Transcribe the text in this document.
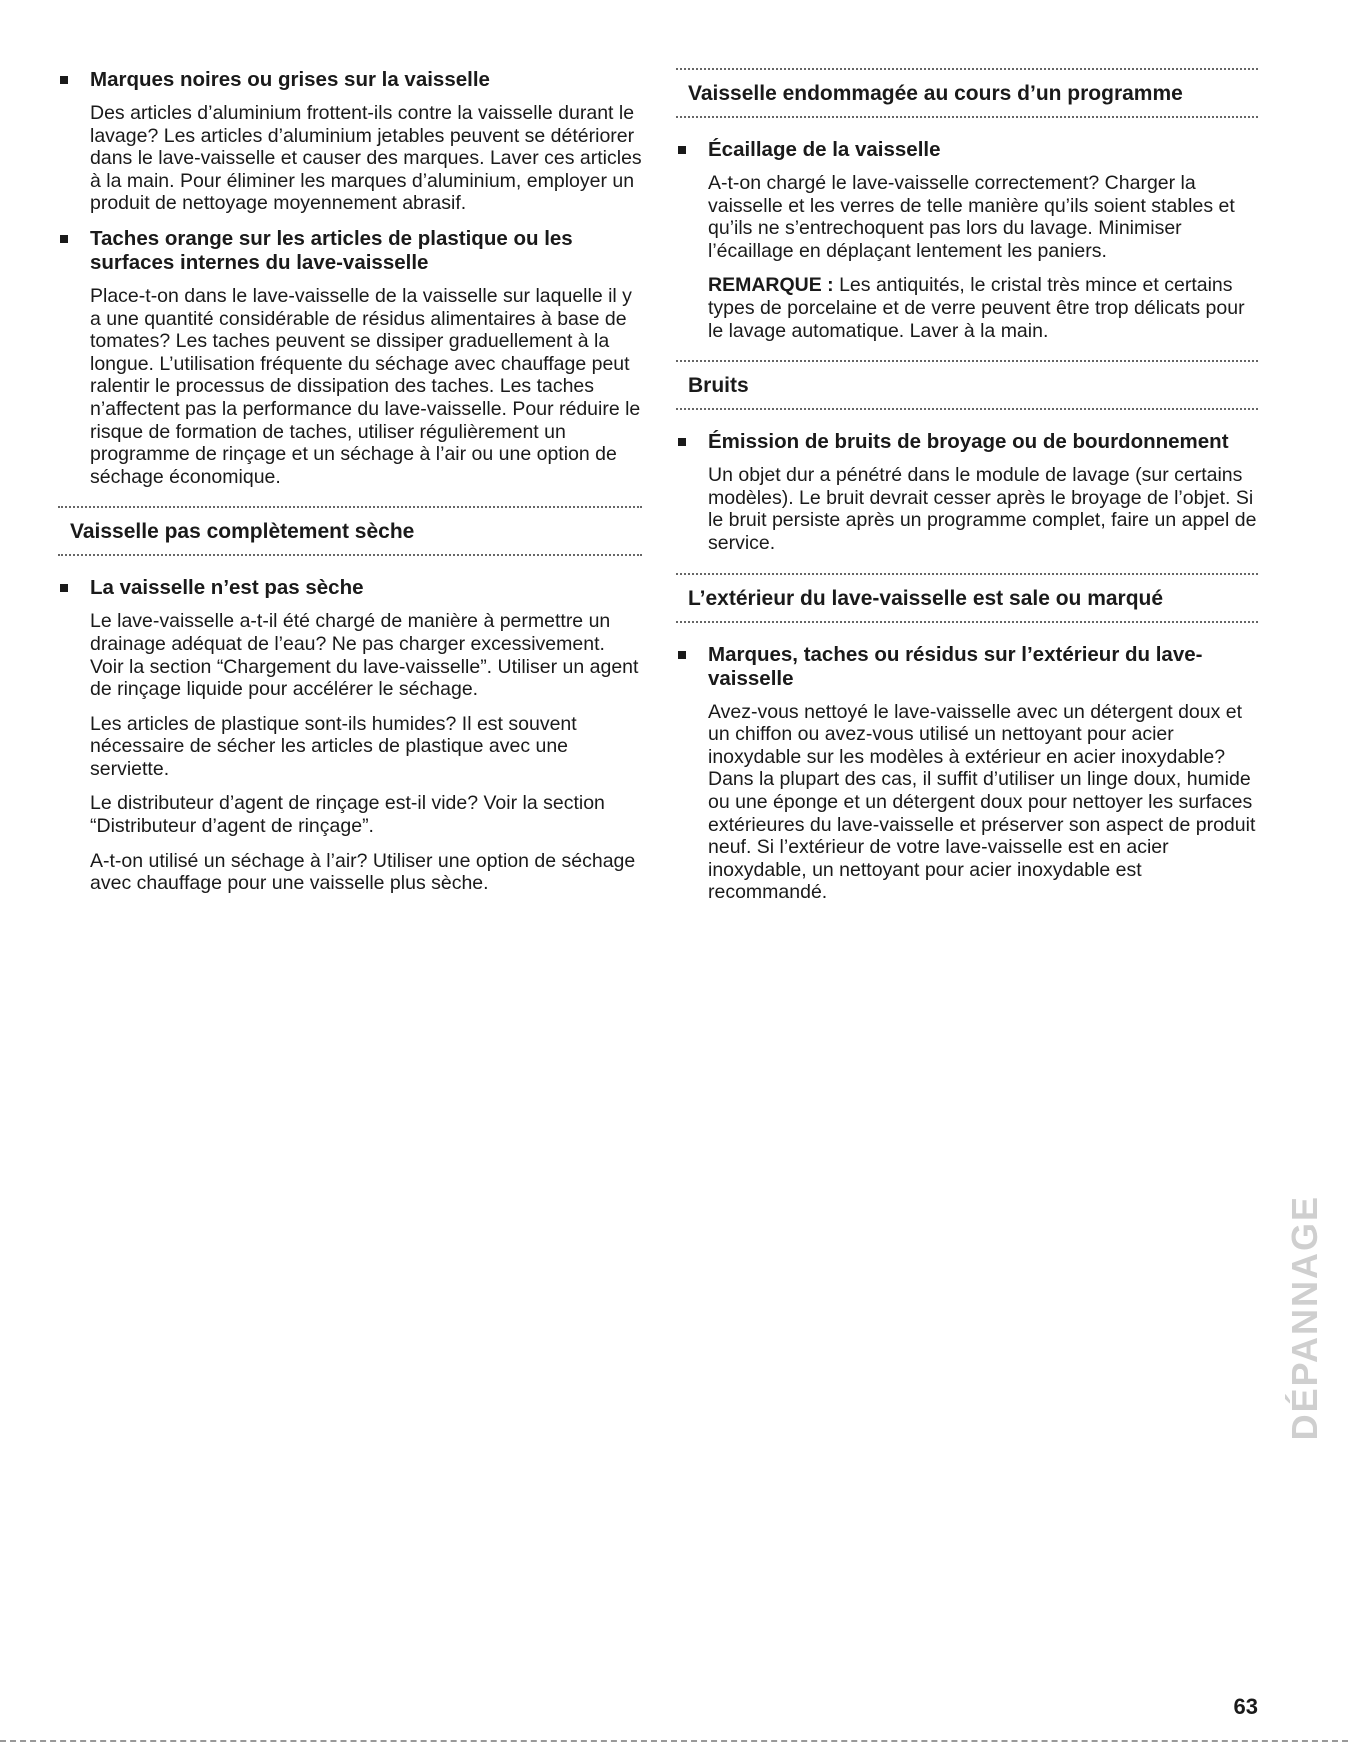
Marques noires ou grises sur la vaisselle

Des articles d’aluminium frottent-ils contre la vaisselle durant le lavage? Les articles d’aluminium jetables peuvent se détériorer dans le lave-vaisselle et causer des marques. Laver ces articles à la main. Pour éliminer les marques d’aluminium, employer un produit de nettoyage moyennement abrasif.

Taches orange sur les articles de plastique ou les surfaces internes du lave-vaisselle

Place-t-on dans le lave-vaisselle de la vaisselle sur laquelle il y a une quantité considérable de résidus alimentaires à base de tomates? Les taches peuvent se dissiper graduellement à la longue. L’utilisation fréquente du séchage avec chauffage peut ralentir le processus de dissipation des taches. Les taches n’affectent pas la performance du lave-vaisselle. Pour réduire le risque de formation de taches, utiliser régulièrement un programme de rinçage et un séchage à l’air ou une option de séchage économique.

Vaisselle pas complètement sèche
La vaisselle n’est pas sèche

Le lave-vaisselle a-t-il été chargé de manière à permettre un drainage adéquat de l’eau? Ne pas charger excessivement. Voir la section “Chargement du lave-vaisselle”. Utiliser un agent de rinçage liquide pour accélérer le séchage.

Les articles de plastique sont-ils humides? Il est souvent nécessaire de sécher les articles de plastique avec une serviette.

Le distributeur d’agent de rinçage est-il vide? Voir la section “Distributeur d’agent de rinçage”.

A-t-on utilisé un séchage à l’air? Utiliser une option de séchage avec chauffage pour une vaisselle plus sèche.

Vaisselle endommagée au cours d’un programme
Écaillage de la vaisselle

A-t-on chargé le lave-vaisselle correctement? Charger la vaisselle et les verres de telle manière qu’ils soient stables et qu’ils ne s’entrechoquent pas lors du lavage. Minimiser l’écaillage en déplaçant lentement les paniers.

REMARQUE : Les antiquités, le cristal très mince et certains types de porcelaine et de verre peuvent être trop délicats pour le lavage automatique. Laver à la main.

Bruits
Émission de bruits de broyage ou de bourdonnement

Un objet dur a pénétré dans le module de lavage (sur certains modèles). Le bruit devrait cesser après le broyage de l’objet. Si le bruit persiste après un programme complet, faire un appel de service.

L’extérieur du lave-vaisselle est sale ou marqué
Marques, taches ou résidus sur l’extérieur du lave-vaisselle

Avez-vous nettoyé le lave-vaisselle avec un détergent doux et un chiffon ou avez-vous utilisé un nettoyant pour acier inoxydable sur les modèles à extérieur en acier inoxydable? Dans la plupart des cas, il suffit d’utiliser un linge doux, humide ou une éponge et un détergent doux pour nettoyer les surfaces extérieures du lave-vaisselle et préserver son aspect de produit neuf. Si l’extérieur de votre lave-vaisselle est en acier inoxydable, un nettoyant pour acier inoxydable est recommandé.

DÉPANNAGE
63
